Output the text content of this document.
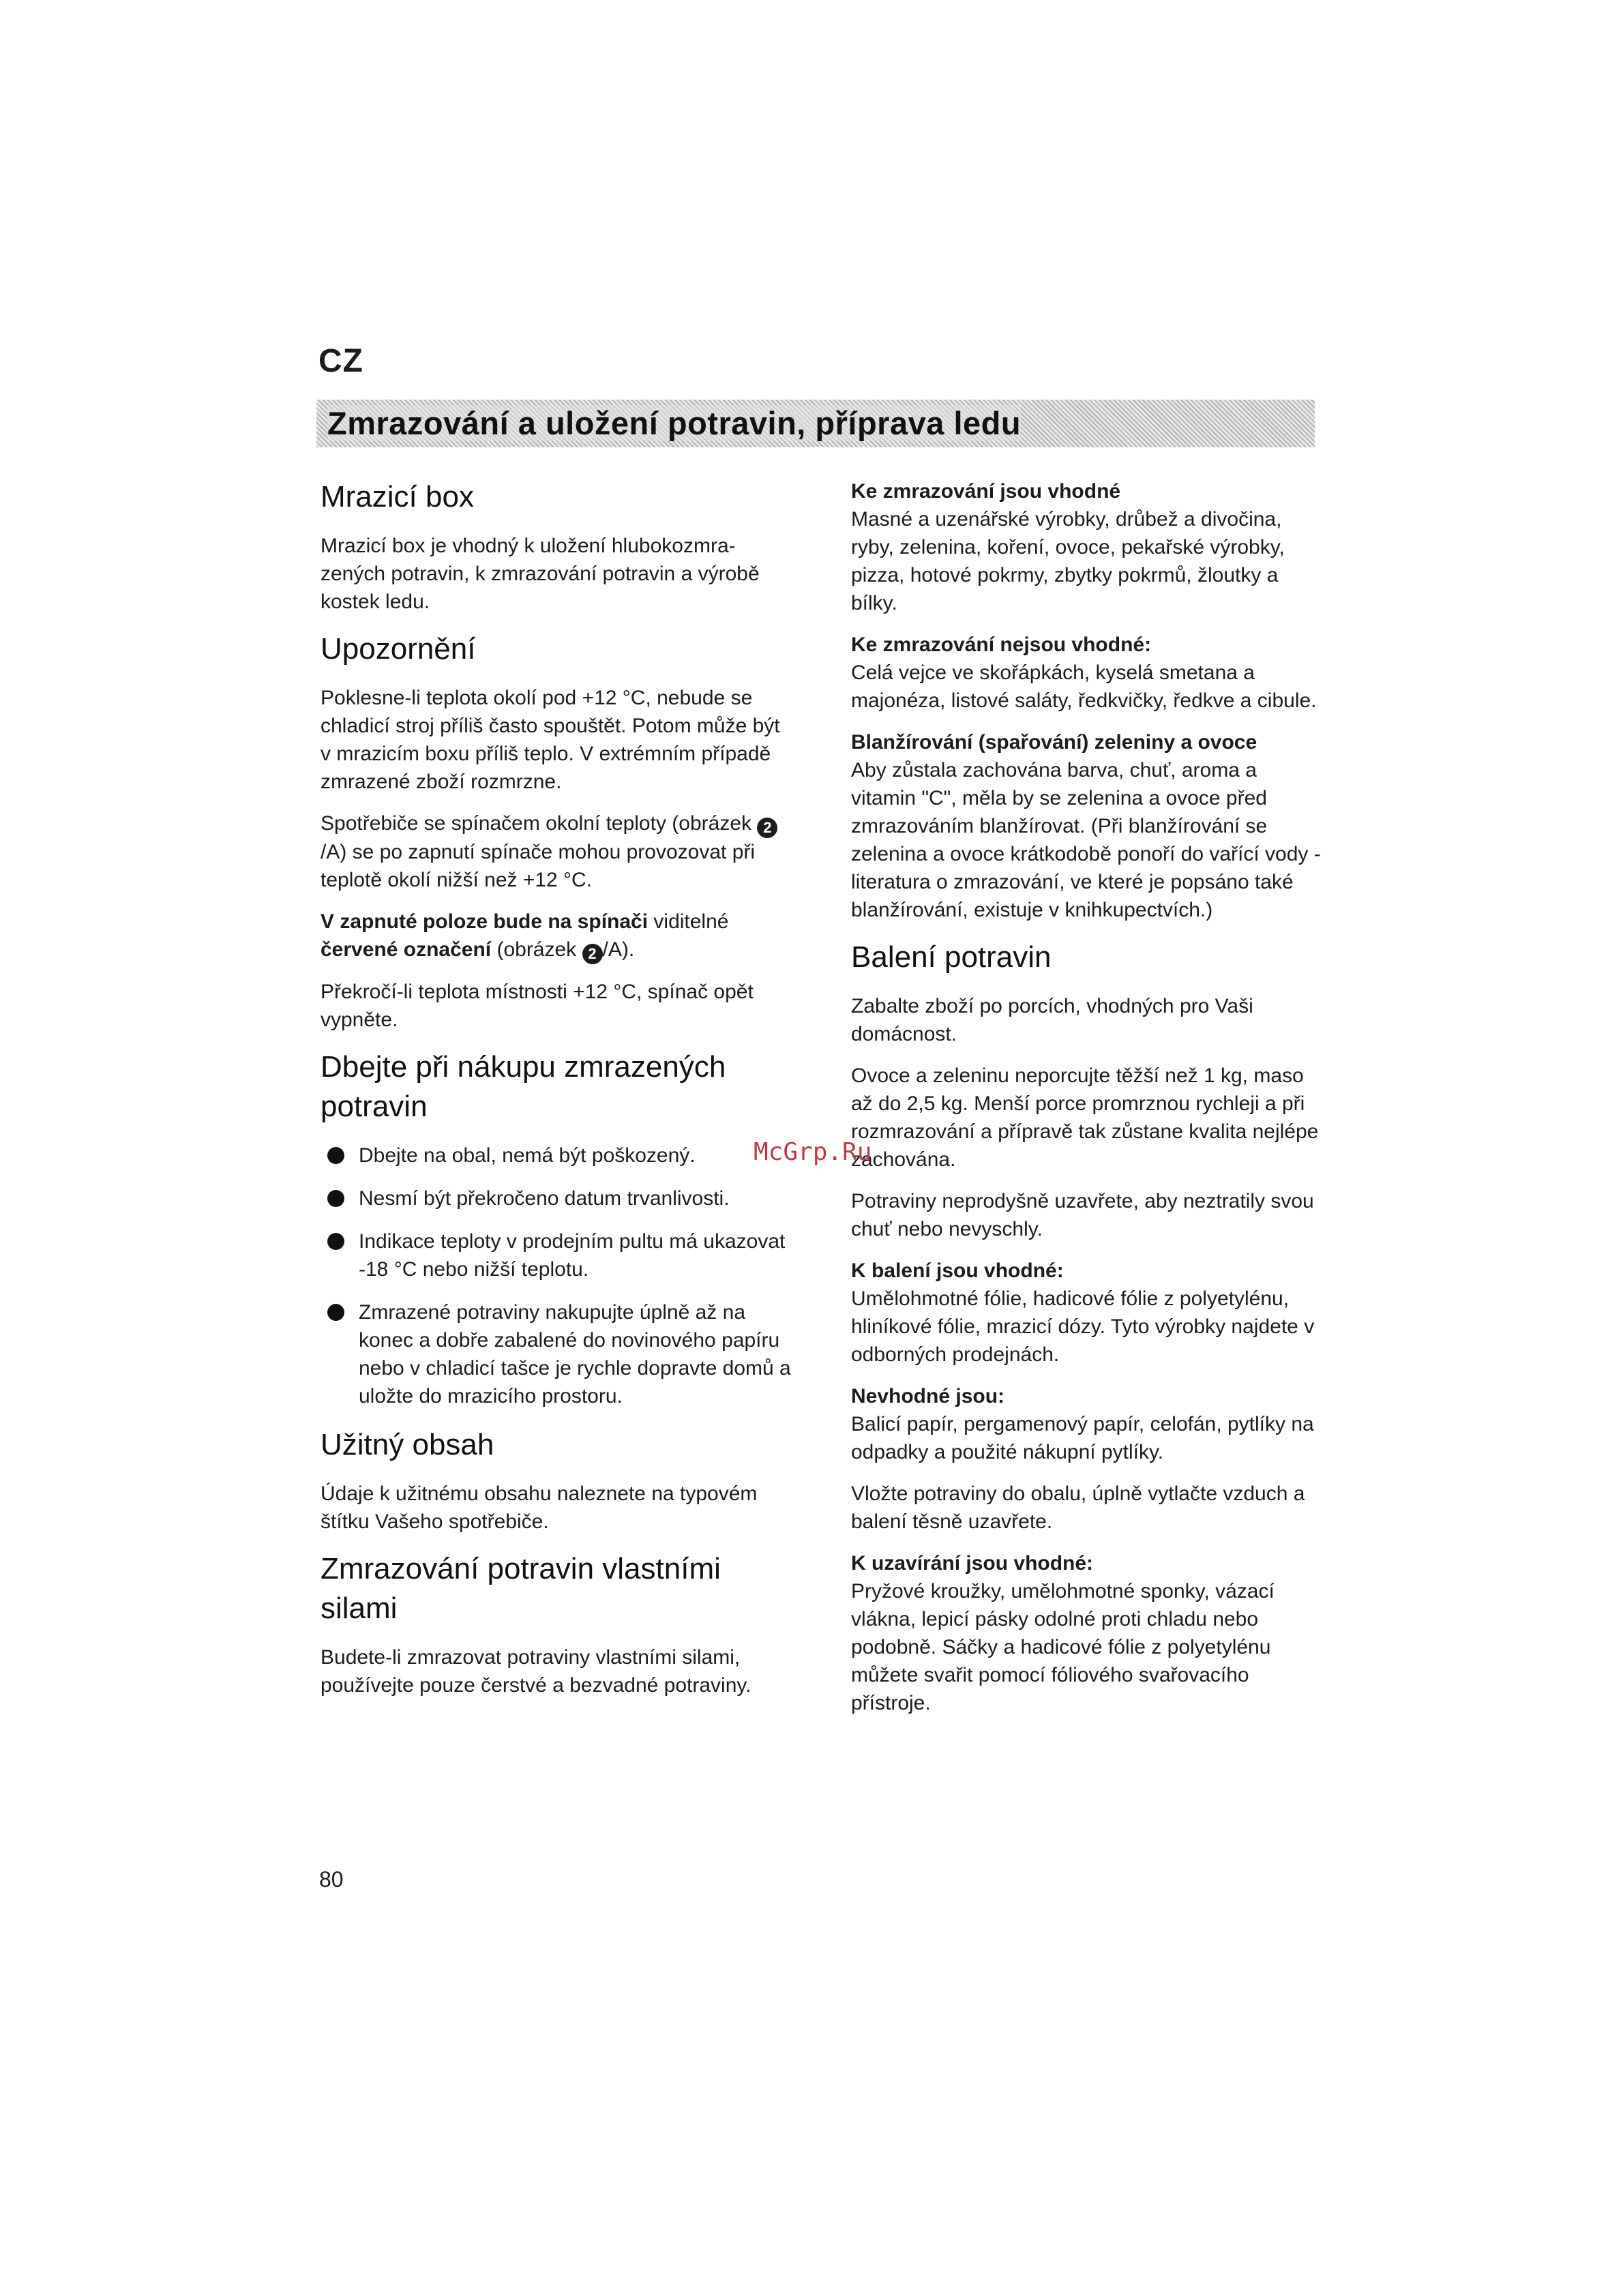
CZ
Zmrazování a uložení potravin, příprava ledu
Mrazicí box

Mrazicí box je vhodný k uložení hlubokozmrazených potravin, k zmrazování potravin a výrobě kostek ledu.

Upozornění

Poklesne-li teplota okolí pod +12 °C, nebude se chladicí stroj příliš často spouštět. Potom může být v mrazicím boxu příliš teplo. V extrémním případě zmrazené zboží rozmrzne.

Spotřebiče se spínačem okolní teploty (obrázek 2/A) se po zapnutí spínače mohou provozovat při teplotě okolí nižší než +12 °C.

V zapnuté poloze bude na spínači viditelné červené označení (obrázek 2 /A).

Překročí-li teplota místnosti +12 °C, spínač opět vypněte.

Dbejte při nákupu zmrazených potravin
Dbejte na obal, nemá být poškozený.
Nesmí být překročeno datum trvanlivosti.
Indikace teploty v prodejním pultu má ukazovat -18 °C nebo nižší teplotu.
Zmrazené potraviny nakupujte úplně až na konec a dobře zabalené do novinového papíru nebo v chladicí tašce je rychle dopravte domů a uložte do mrazicího prostoru.
Užitný obsah

Údaje k užitnému obsahu naleznete na typovém štítku Vašeho spotřebiče.

Zmrazování potravin vlastními silami

Budete-li zmrazovat potraviny vlastními silami, používejte pouze čerstvé a bezvadné potraviny.

Ke zmrazování jsou vhodné

Masné a uzenářské výrobky, drůbež a divočina, ryby, zelenina, koření, ovoce, pekařské výrobky, pizza, hotové pokrmy, zbytky pokrmů, žloutky a bílky.

Ke zmrazování nejsou vhodné:

Celá vejce ve skořápkách, kyselá smetana a majonéza, listové saláty, ředkvičky, ředkve a cibule.

Blanžírování (spařování) zeleniny a ovoce

Aby zůstala zachována barva, chuť, aroma a vitamin "C", měla by se zelenina a ovoce před zmrazováním blanžírovat. (Při blanžírování se zelenina a ovoce krátkodobě ponoří do vařící vody - literatura o zmrazování, ve které je popsáno také blanžírování, existuje v knihkupectvích.)

Balení potravin

Zabalte zboží po porcích, vhodných pro Vaši domácnost.

Ovoce a zeleninu neporcujte těžší než 1 kg, maso až do 2,5 kg. Menší porce promrznou rychleji a při rozmrazování a přípravě tak zůstane kvalita nejlépe zachována.

Potraviny neprodyšně uzavřete, aby neztratily svou chuť nebo nevyschly.

K balení jsou vhodné:

Umělohmotné fólie, hadicové fólie z polyetylénu, hliníkové fólie, mrazicí dózy. Tyto výrobky najdete v odborných prodejnách.

Nevhodné jsou:

Balicí papír, pergamenový papír, celofán, pytlíky na odpadky a použité nákupní pytlíky.

Vložte potraviny do obalu, úplně vytlačte vzduch a balení těsně uzavřete.

K uzavírání jsou vhodné:

Pryžové kroužky, umělohmotné sponky, vázací vlákna, lepicí pásky odolné proti chladu nebo podobně. Sáčky a hadicové fólie z polyetylénu můžete svařit pomocí fóliového svařovacího přístroje.

McGrp.Ru
80
